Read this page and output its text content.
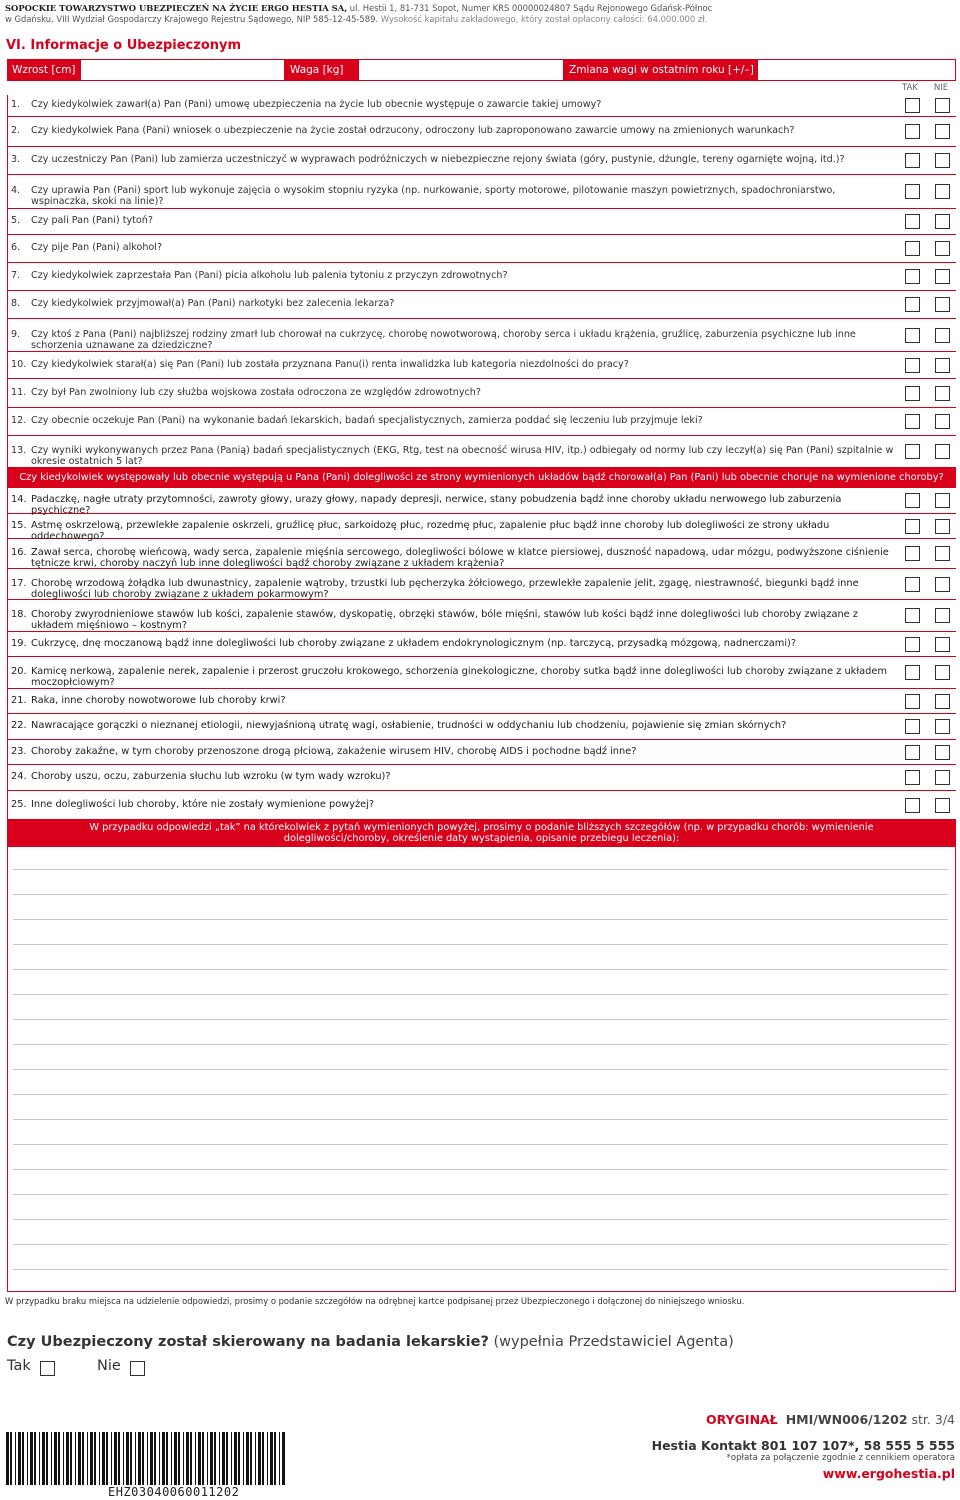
SOPOCKIE TOWARZYSTWO UBEZPIECZEŃ NA ŻYCIE ERGO HESTIA SA, ul. Hestii 1, 81-731 Sopot, Numer KRS 00000024807 Sądu Rejonowego Gdańsk-Północ
w Gdańsku, VIII Wydział Gospodarczy Krajowego Rejestru Sądowego, NIP 585-12-45-589. Wysokość kapitału zakładowego, który został opłacony całości: 64.000.000 zł.
VI. Informacje o Ubezpieczonym
Wzrost [cm]	Waga [kg]	Zmiana wagi w ostatnim roku [+/–]
TAK	NIE
1. Czy kiedykolwiek zawarł(a) Pan (Pani) umowę ubezpieczenia na życie lub obecnie występuje o zawarcie takiej umowy?
2. Czy kiedykolwiek Pana (Pani) wniosek o ubezpieczenie na życie został odrzucony, odroczony lub zaproponowano zawarcie umowy na zmienionych warunkach?
3. Czy uczestniczy Pan (Pani) lub zamierza uczestniczyć w wyprawach podróżniczych w niebezpieczne rejony świata (góry, pustynie, dżungle, tereny ogarnięte wojną, itd.)?
4. Czy uprawia Pan (Pani) sport lub wykonuje zajęcia o wysokim stopniu ryzyka (np. nurkowanie, sporty motorowe, pilotowanie maszyn powietrznych, spadochroniarstwo, wspinaczka, skoki na linie)?
5. Czy pali Pan (Pani) tytoń?
6. Czy pije Pan (Pani) alkohol?
7. Czy kiedykolwiek zaprzestała Pan (Pani) picia alkoholu lub palenia tytoniu z przyczyn zdrowotnych?
8. Czy kiedykolwiek przyjmował(a) Pan (Pani) narkotyki bez zalecenia lekarza?
9. Czy ktoś z Pana (Pani) najbliższej rodziny zmarł lub chorował na cukrzycę, chorobę nowotworową, choroby serca i układu krążenia, gruźlicę, zaburzenia psychiczne lub inne schorzenia uznawane za dziedziczne?
10. Czy kiedykolwiek starał(a) się Pan (Pani) lub została przyznana Panu(i) renta inwalidzka lub kategoria niezdolności do pracy?
11. Czy był Pan zwolniony lub czy służba wojskowa została odroczona ze względów zdrowotnych?
12. Czy obecnie oczekuje Pan (Pani) na wykonanie badań lekarskich, badań specjalistycznych, zamierza poddać się leczeniu lub przyjmuje leki?
13. Czy wyniki wykonywanych przez Pana (Panią) badań specjalistycznych (EKG, Rtg, test na obecność wirusa HIV, itp.) odbiegały od normy lub czy leczył(a) się Pan (Pani) szpitalnie w okresie ostatnich 5 lat?
Czy kiedykolwiek występowały lub obecnie występują u Pana (Pani) dolegliwości ze strony wymienionych układów bądź chorował(a) Pan (Pani) lub obecnie choruje na wymienione choroby?
14. Padaczkę, nagłe utraty przytomności, zawroty głowy, urazy głowy, napady depresji, nerwice, stany pobudzenia bądź inne choroby układu nerwowego lub zaburzenia psychiczne?
15. Astmę oskrzelową, przewlekłe zapalenie oskrzeli, gruźlicę płuc, sarkoidozę płuc, rozedmę płuc, zapalenie płuc bądź inne choroby lub dolegliwości ze strony układu oddechowego?
16. Zawał serca, chorobę wieńcową, wady serca, zapalenie mięśnia sercowego, dolegliwości bólowe w klatce piersiowej, duszność napadową, udar mózgu, podwyższone ciśnienie tętnicze krwi, choroby naczyń lub inne dolegliwości bądź choroby związane z układem krążenia?
17. Chorobę wrzodową żołądka lub dwunastnicy, zapalenie wątroby, trzustki lub pęcherzyka żółciowego, przewlekłe zapalenie jelit, zgagę, niestrawność, biegunki bądź inne dolegliwości lub choroby związane z układem pokarmowym?
18. Choroby zwyrodnieniowe stawów lub kości, zapalenie stawów, dyskopatię, obrzęki stawów, bóle mięśni, stawów lub kości bądź inne dolegliwości lub choroby związane z układem mięśniowo – kostnym?
19. Cukrzycę, dnę moczanową bądź inne dolegliwości lub choroby związane z układem endokrynologicznym (np. tarczycą, przysadką mózgową, nadnerczami)?
20. Kamicę nerkową, zapalenie nerek, zapalenie i przerost gruczołu krokowego, schorzenia ginekologiczne, choroby sutka bądź inne dolegliwości lub choroby związane z układem moczopłciowym?
21. Raka, inne choroby nowotworowe lub choroby krwi?
22. Nawracające gorączki o nieznanej etiologii, niewyjaśnioną utratę wagi, osłabienie, trudności w oddychaniu lub chodzeniu, pojawienie się zmian skórnych?
23. Choroby zakaźne, w tym choroby przenoszone drogą płciową, zakażenie wirusem HIV, chorobę AIDS i pochodne bądź inne?
24. Choroby uszu, oczu, zaburzenia słuchu lub wzroku (w tym wady wzroku)?
25. Inne dolegliwości lub choroby, które nie zostały wymienione powyżej?
W przypadku odpowiedzi „tak” na którekolwiek z pytań wymienionych powyżej, prosimy o podanie bliższych szczegółów (np. w przypadku chorób: wymienienie dolegliwości/choroby, określenie daty wystąpienia, opisanie przebiegu leczenia):
W przypadku braku miejsca na udzielenie odpowiedzi, prosimy o podanie szczegółów na odrębnej kartce podpisanej przez Ubezpieczonego i dołączonej do niniejszego wniosku.
Czy Ubezpieczony został skierowany na badania lekarskie? (wypełnia Przedstawiciel Agenta)
Tak	Nie
ORYGINAŁ HMI/WN006/1202 str. 3/4
Hestia Kontakt 801 107 107*, 58 555 5 555
*opłata za połączenie zgodnie z cennikiem operatora
www.ergohestia.pl
EHZ03040060011202
